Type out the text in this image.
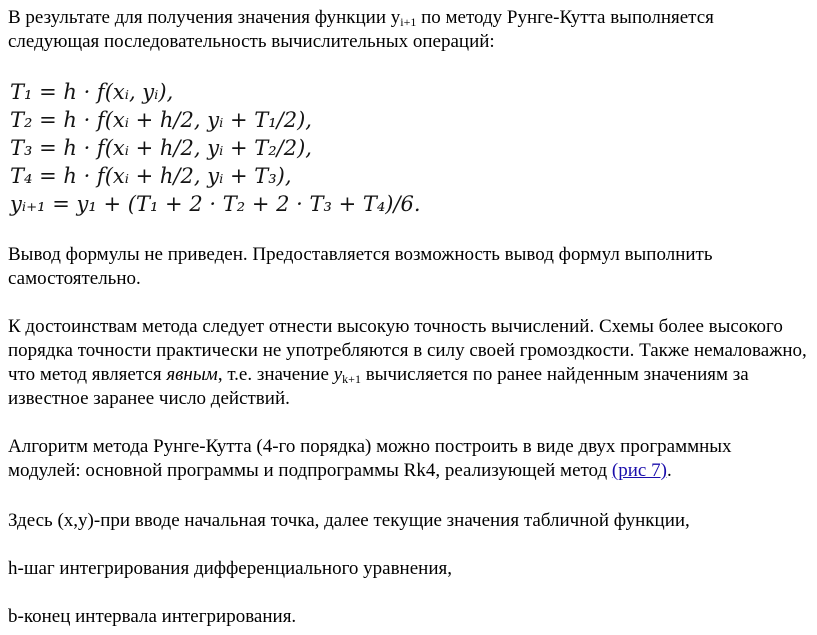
В результате для получения значения функции $y_{i+1}$ по методу Рунге-Кутта выполняется следующая последовательность вычислительных операций:

T₁ = h · f(xᵢ, yᵢ),
T₂ = h · f(xᵢ + h/2, yᵢ + T₁/2),
T₃ = h · f(xᵢ + h/2, yᵢ + T₂/2),
T₄ = h · f(xᵢ + h/2, yᵢ + T₃),
yᵢ₊₁ = y₁ + (T₁ + 2 · T₂ + 2 · T₃ + T₄)/6.

Вывод формулы не приведен. Предоставляется возможность вывод формул выполнить самостоятельно.

К достоинствам метода следует отнести высокую точность вычислений. Схемы более высокого порядка точности практически не употребляются в силу своей громоздкости. Также немаловажно, что метод является явным, т.е. значение $y_{k+1}$ вычисляется по ранее найденным значениям за известное заранее число действий.

Алгоритм метода Рунге-Кутта (4-го порядка) можно построить в виде двух программных модулей: основной программы и подпрограммы Rk4, реализующей метод (рис 7).

Здесь (x,y)-при вводе начальная точка, далее текущие значения табличной функции,

h-шаг интегрирования дифференциального уравнения,

b-конец интервала интегрирования.
